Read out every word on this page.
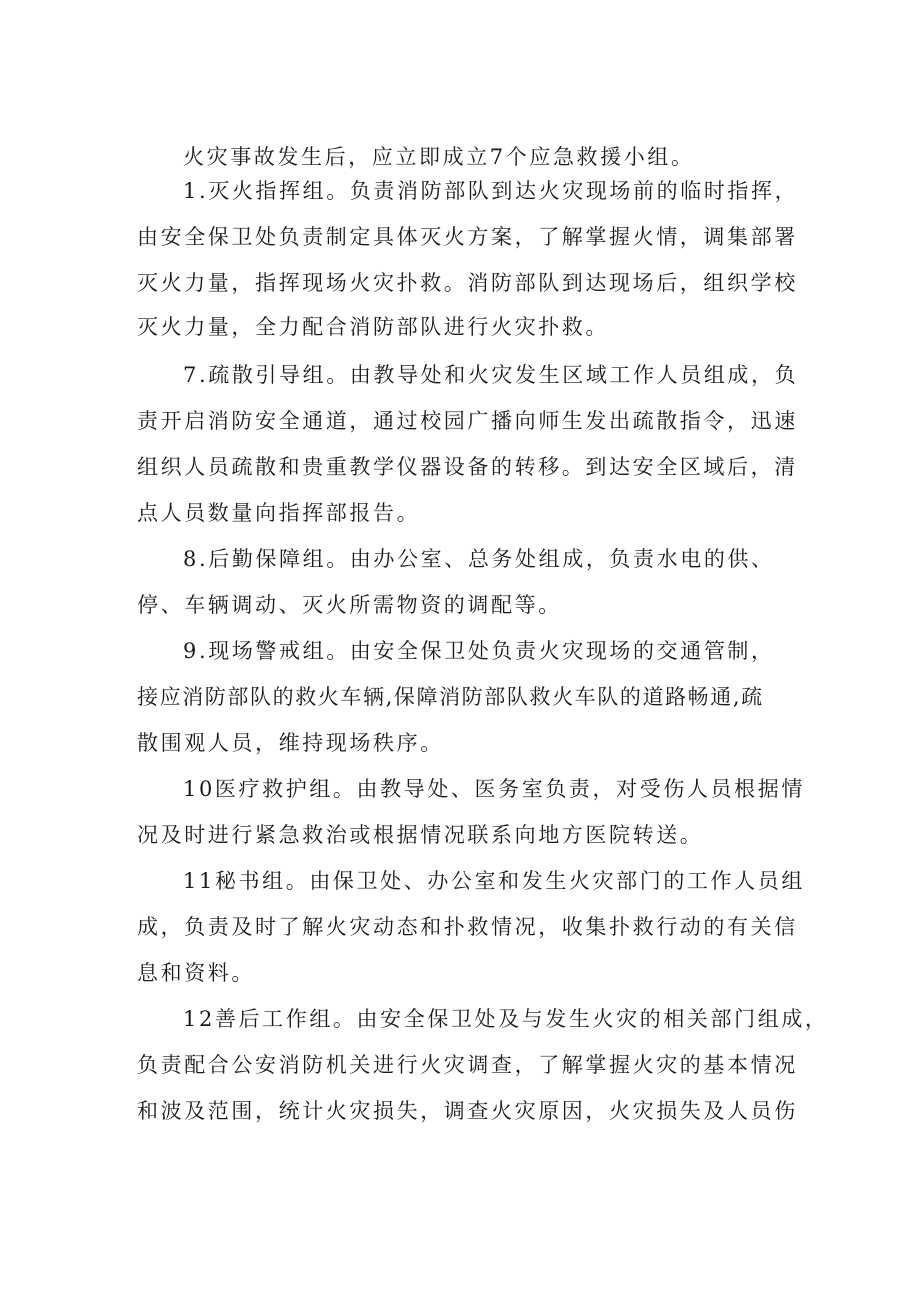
火灾事故发生后，应立即成立7个应急救援小组。
1.灭火指挥组。负责消防部队到达火灾现场前的临时指挥，
由安全保卫处负责制定具体灭火方案，了解掌握火情，调集部署
灭火力量，指挥现场火灾扑救。消防部队到达现场后，组织学校
灭火力量，全力配合消防部队进行火灾扑救。
7.疏散引导组。由教导处和火灾发生区域工作人员组成，负
责开启消防安全通道，通过校园广播向师生发出疏散指令，迅速
组织人员疏散和贵重教学仪器设备的转移。到达安全区域后，清
点人员数量向指挥部报告。
8.后勤保障组。由办公室、总务处组成，负责水电的供、
停、车辆调动、灭火所需物资的调配等。
9.现场警戒组。由安全保卫处负责火灾现场的交通管制，
接应消防部队的救火车辆,保障消防部队救火车队的道路畅通,疏
散围观人员，维持现场秩序。
10医疗救护组。由教导处、医务室负责，对受伤人员根据情
况及时进行紧急救治或根据情况联系向地方医院转送。
11秘书组。由保卫处、办公室和发生火灾部门的工作人员组
成，负责及时了解火灾动态和扑救情况，收集扑救行动的有关信
息和资料。
12善后工作组。由安全保卫处及与发生火灾的相关部门组成，
负责配合公安消防机关进行火灾调查，了解掌握火灾的基本情况
和波及范围，统计火灾损失，调查火灾原因，火灾损失及人员伤
